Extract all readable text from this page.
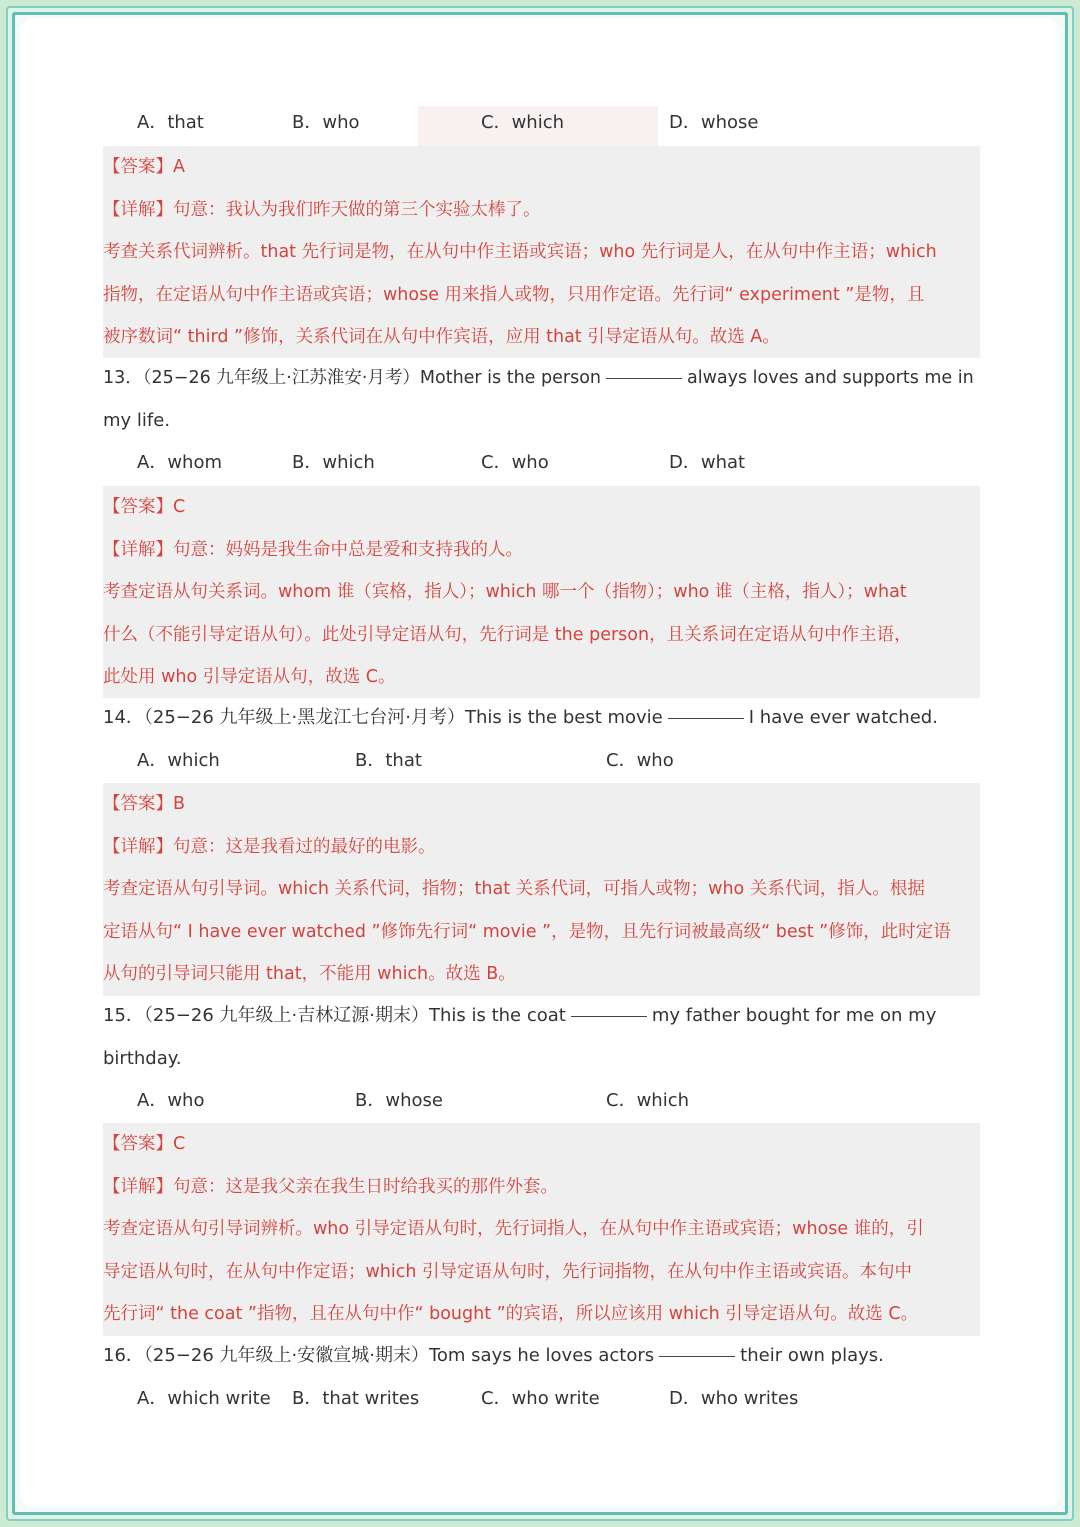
A．that	B．who	C．which	D．whose
【答案】A
【详解】句意：我认为我们昨天做的第三个实验太棒了。
考查关系代词辨析。that 先行词是物，在从句中作主语或宾语；who 先行词是人，在从句中作主语；which
指物，在定语从句中作主语或宾语；whose 用来指人或物，只用作定语。先行词“ experiment ”是物，且
被序数词“ third ”修饰，关系代词在从句中作宾语，应用 that 引导定语从句。故选 A。
13．（25−26 九年级上·江苏淮安·月考）Mother is the person	always loves and supports me in
my life.
A．whom	B．which	C．who	D．what
【答案】C
【详解】句意：妈妈是我生命中总是爱和支持我的人。
考查定语从句关系词。whom 谁（宾格，指人）；which 哪一个（指物）；who 谁（主格，指人）；what
什么（不能引导定语从句）。此处引导定语从句，先行词是 the person，且关系词在定语从句中作主语，
此处用 who 引导定语从句，故选 C。
14．（25−26 九年级上·黑龙江七台河·月考）This is the best movie	I have ever watched.
A．which	B．that	C．who
【答案】B
【详解】句意：这是我看过的最好的电影。
考查定语从句引导词。which 关系代词，指物；that 关系代词，可指人或物；who 关系代词，指人。根据
定语从句“ I have ever watched ”修饰先行词“ movie ”，是物，且先行词被最高级“ best ”修饰，此时定语
从句的引导词只能用 that，不能用 which。故选 B。
15．（25−26 九年级上·吉林辽源·期末）This is the coat	my father bought for me on my
birthday.
A．who	B．whose	C．which
【答案】C
【详解】句意：这是我父亲在我生日时给我买的那件外套。
考查定语从句引导词辨析。who 引导定语从句时，先行词指人，在从句中作主语或宾语；whose 谁的，引
导定语从句时，在从句中作定语；which 引导定语从句时，先行词指物，在从句中作主语或宾语。本句中
先行词“ the coat ”指物，且在从句中作“ bought ”的宾语，所以应该用 which 引导定语从句。故选 C。
16．（25−26 九年级上·安徽宣城·期末）Tom says he loves actors	their own plays.
A．which write B．that writes	C．who write	D．who writes
